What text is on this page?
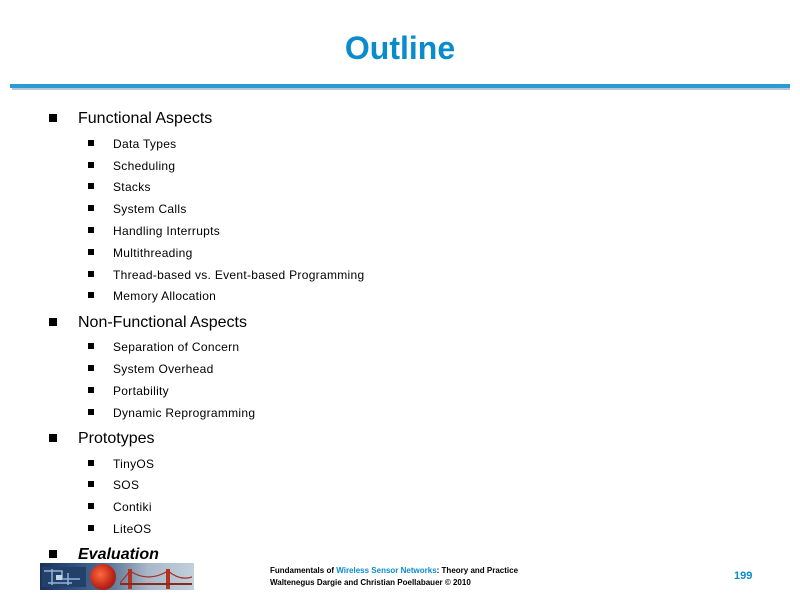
Outline
Functional Aspects
Data Types
Scheduling
Stacks
System Calls
Handling Interrupts
Multithreading
Thread-based vs. Event-based Programming
Memory Allocation
Non-Functional Aspects
Separation of Concern
System Overhead
Portability
Dynamic Reprogramming
Prototypes
TinyOS
SOS
Contiki
LiteOS
Evaluation
Fundamentals of Wireless Sensor Networks: Theory and Practice
Waltenegus Dargie and Christian Poellabauer © 2010
199
